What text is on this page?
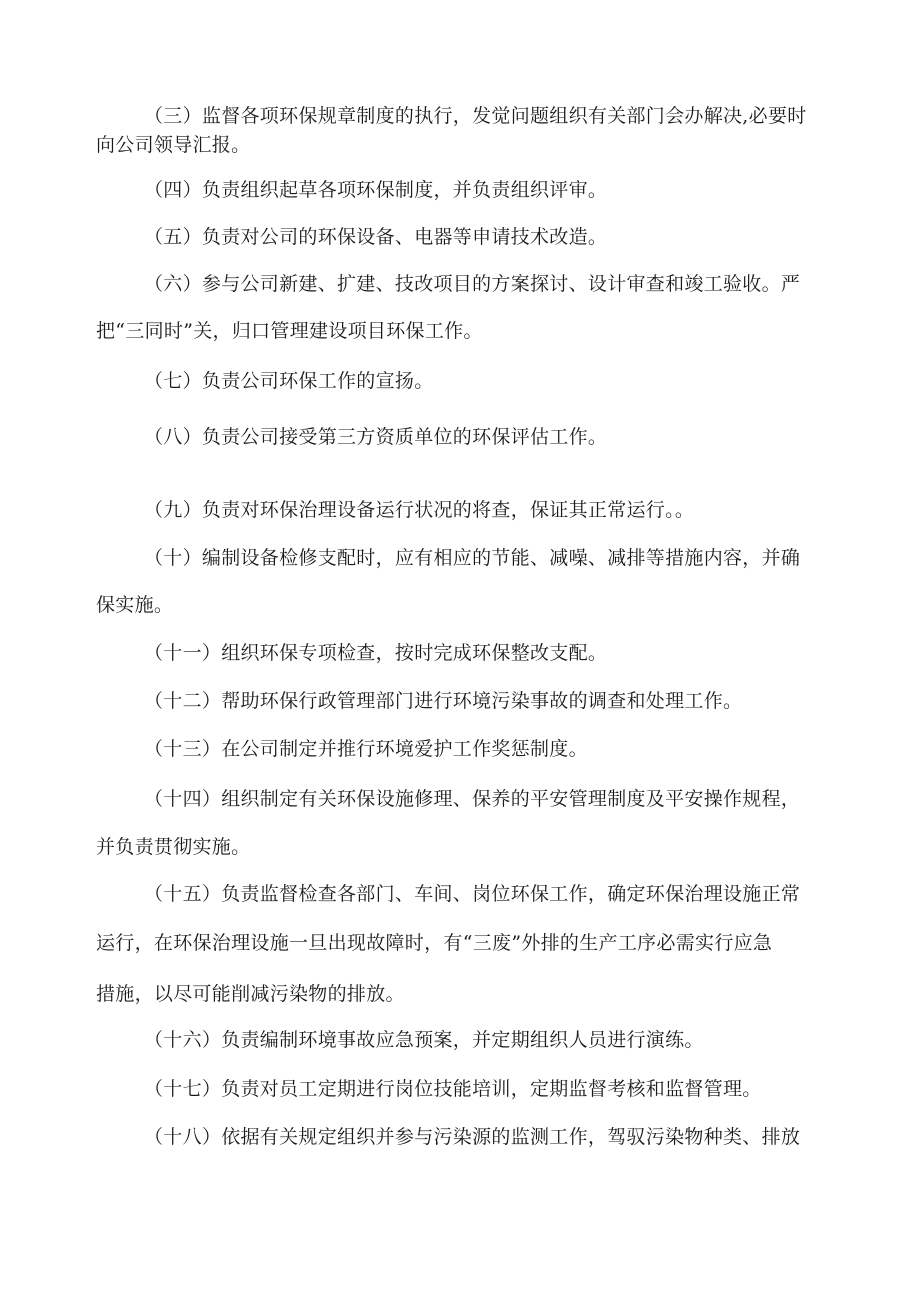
（三）监督各项环保规章制度的执行，发觉问题组织有关部门会办解决,必要时
向公司领导汇报。
（四）负责组织起草各项环保制度，并负责组织评审。
（五）负责对公司的环保设备、电器等申请技术改造。
（六）参与公司新建、扩建、技改项目的方案探讨、设计审查和竣工验收。严
把“三同时”关，归口管理建设项目环保工作。
（七）负责公司环保工作的宣扬。
（八）负责公司接受第三方资质单位的环保评估工作。
（九）负责对环保治理设备运行状况的将查，保证其正常运行。。
（十）编制设备检修支配时，应有相应的节能、减噪、减排等措施内容，并确
保实施。
（十一）组织环保专项检查，按时完成环保整改支配。
（十二）帮助环保行政管理部门进行环境污染事故的调查和处理工作。
（十三）在公司制定并推行环境爱护工作奖惩制度。
（十四）组织制定有关环保设施修理、保养的平安管理制度及平安操作规程，
并负责贯彻实施。
（十五）负责监督检查各部门、车间、岗位环保工作，确定环保治理设施正常
运行，在环保治理设施一旦出现故障时，有“三废”外排的生产工序必需实行应急
措施，以尽可能削减污染物的排放。
（十六）负责编制环境事故应急预案，并定期组织人员进行演练。
（十七）负责对员工定期进行岗位技能培训，定期监督考核和监督管理。
（十八）依据有关规定组织并参与污染源的监测工作，驾驭污染物种类、排放
